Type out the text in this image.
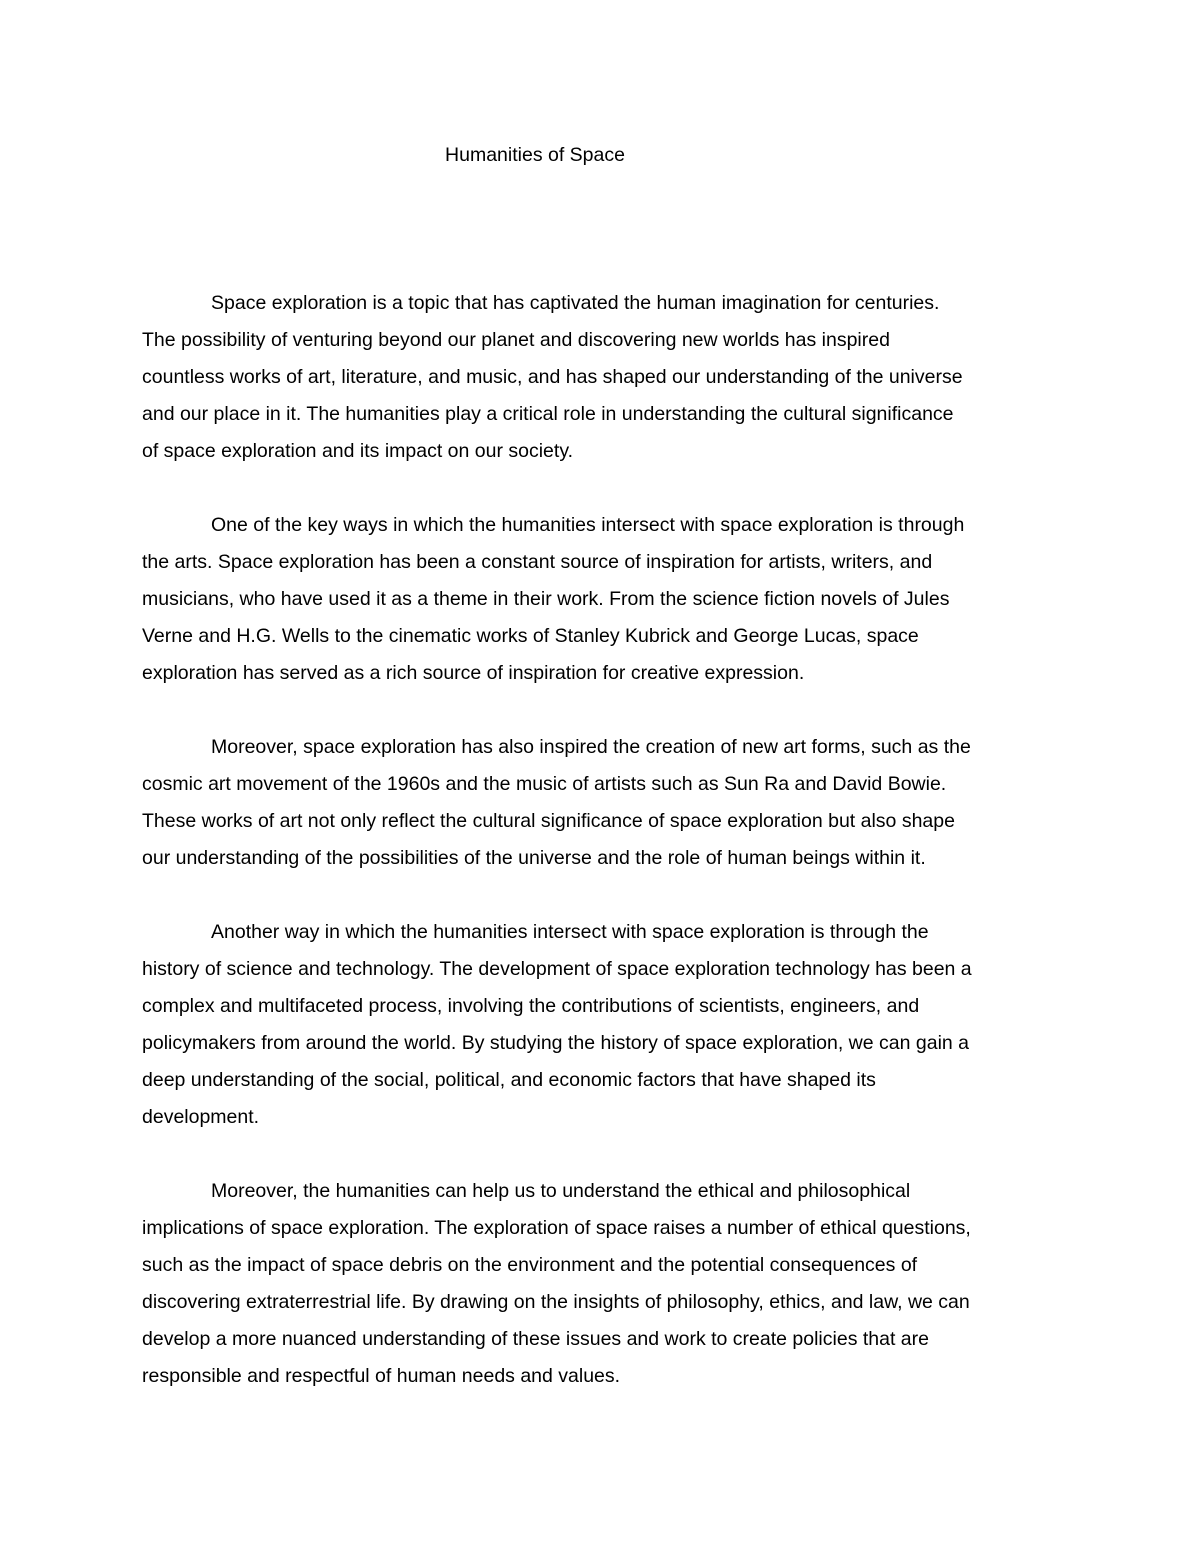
Humanities of Space

Space exploration is a topic that has captivated the human imagination for centuries.
The possibility of venturing beyond our planet and discovering new worlds has inspired
countless works of art, literature, and music, and has shaped our understanding of the universe
and our place in it. The humanities play a critical role in understanding the cultural significance
of space exploration and its impact on our society.

One of the key ways in which the humanities intersect with space exploration is through
the arts. Space exploration has been a constant source of inspiration for artists, writers, and
musicians, who have used it as a theme in their work. From the science fiction novels of Jules
Verne and H.G. Wells to the cinematic works of Stanley Kubrick and George Lucas, space
exploration has served as a rich source of inspiration for creative expression.

Moreover, space exploration has also inspired the creation of new art forms, such as the
cosmic art movement of the 1960s and the music of artists such as Sun Ra and David Bowie.
These works of art not only reflect the cultural significance of space exploration but also shape
our understanding of the possibilities of the universe and the role of human beings within it.

Another way in which the humanities intersect with space exploration is through the
history of science and technology. The development of space exploration technology has been a
complex and multifaceted process, involving the contributions of scientists, engineers, and
policymakers from around the world. By studying the history of space exploration, we can gain a
deep understanding of the social, political, and economic factors that have shaped its
development.

Moreover, the humanities can help us to understand the ethical and philosophical
implications of space exploration. The exploration of space raises a number of ethical questions,
such as the impact of space debris on the environment and the potential consequences of
discovering extraterrestrial life. By drawing on the insights of philosophy, ethics, and law, we can
develop a more nuanced understanding of these issues and work to create policies that are
responsible and respectful of human needs and values.
